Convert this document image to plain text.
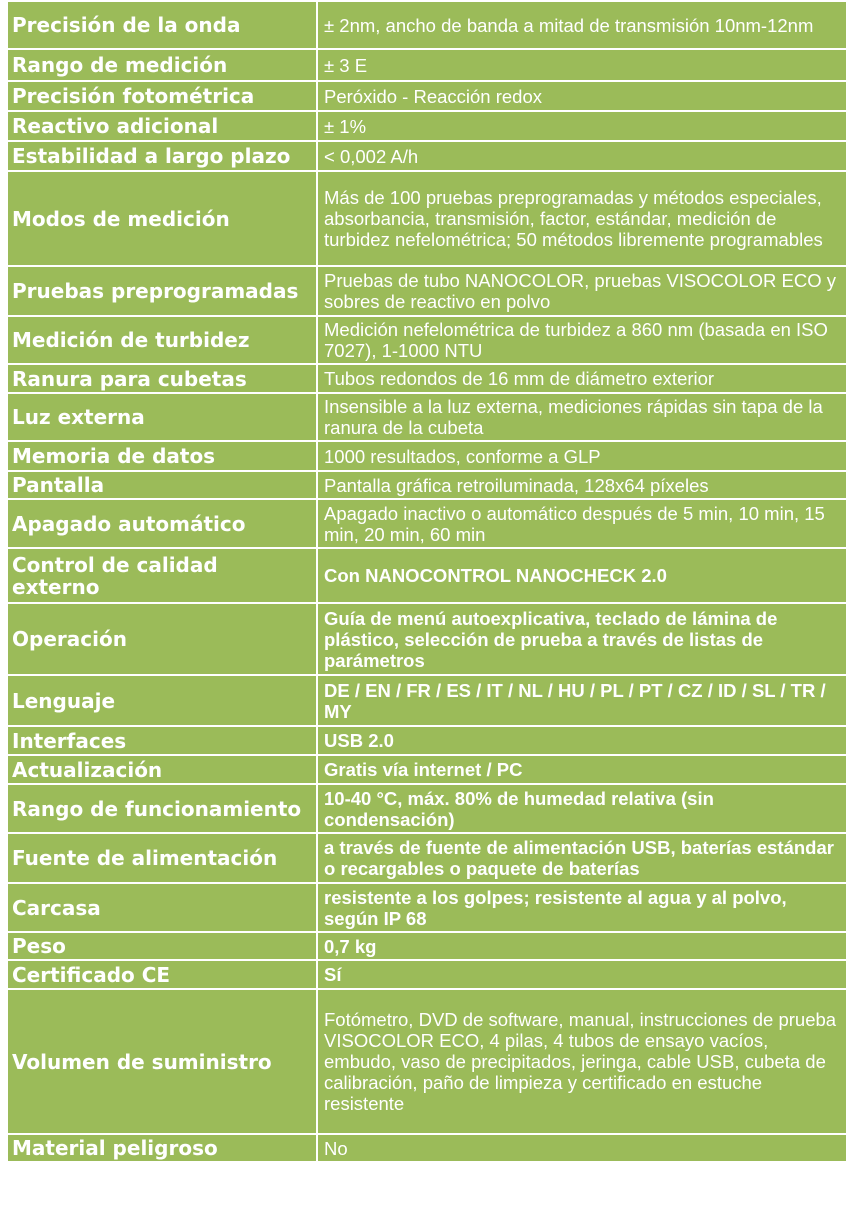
Precisión de la onda	± 2nm, ancho de banda a mitad de transmisión 10nm-12nm
Rango de medición	± 3 E
Precisión fotométrica	Peróxido - Reacción redox
Reactivo adicional	± 1%
Estabilidad a largo plazo	< 0,002 A/h
Modos de medición	Más de 100 pruebas preprogramadas y métodos especiales, absorbancia, transmisión, factor, estándar, medición de turbidez nefelométrica; 50 métodos libremente programables
Pruebas preprogramadas	Pruebas de tubo NANOCOLOR, pruebas VISOCOLOR ECO y sobres de reactivo en polvo
Medición de turbidez	Medición nefelométrica de turbidez a 860 nm (basada en ISO 7027), 1-1000 NTU
Ranura para cubetas	Tubos redondos de 16 mm de diámetro exterior
Luz externa	Insensible a la luz externa, mediciones rápidas sin tapa de la ranura de la cubeta
Memoria de datos	1000 resultados, conforme a GLP
Pantalla	Pantalla gráfica retroiluminada, 128x64 píxeles
Apagado automático	Apagado inactivo o automático después de 5 min, 10 min, 15 min, 20 min, 60 min
Control de calidad externo	Con NANOCONTROL NANOCHECK 2.0
Operación	Guía de menú autoexplicativa, teclado de lámina de plástico, selección de prueba a través de listas de parámetros
Lenguaje	DE / EN / FR / ES / IT / NL / HU / PL / PT / CZ / ID / SL / TR / MY
Interfaces	USB 2.0
Actualización	Gratis vía internet / PC
Rango de funcionamiento	10-40 °C, máx. 80% de humedad relativa (sin condensación)
Fuente de alimentación	a través de fuente de alimentación USB, baterías estándar o recargables o paquete de baterías
Carcasa	resistente a los golpes; resistente al agua y al polvo, según IP 68
Peso	0,7 kg
Certificado CE	Sí
Volumen de suministro	Fotómetro, DVD de software, manual, instrucciones de prueba VISOCOLOR ECO, 4 pilas, 4 tubos de ensayo vacíos, embudo, vaso de precipitados, jeringa, cable USB, cubeta de calibración, paño de limpieza y certificado en estuche resistente
Material peligroso	No
